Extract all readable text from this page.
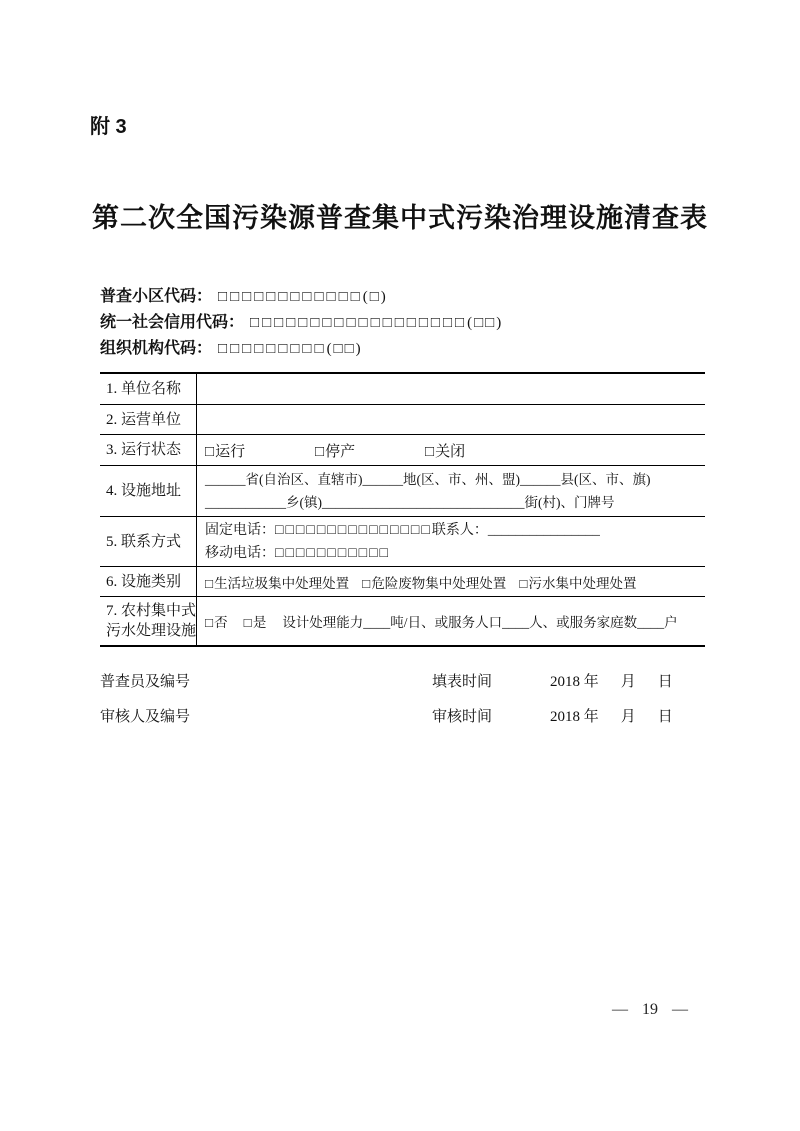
附 3
第二次全国污染源普查集中式污染治理设施清查表
普查小区代码： □□□□□□□□□□□□(□)
统一社会信用代码： □□□□□□□□□□□□□□□□□□(□□)
组织机构代码： □□□□□□□□□(□□)
1. 单位名称
2. 运营单位
3. 运行状态 □运行	□停产	□关闭
4. 设施地址
______省(自治区、直辖市)______地(区、市、州、盟)______县(区、市、旗)
____________乡(镇)______________________________街(村)、门牌号
5. 联系方式
固定电话：□□□□□□□□□□□□□□□联系人：________________
移动电话：□□□□□□□□□□□
6. 设施类别 □生活垃圾集中处理处置 □危险废物集中处理处置 □污水集中处理处置
7. 农村集中式
污水处理设施
□否 □是 设计处理能力____吨/日、或服务人口____人、或服务家庭数____户
普查员及编号	填表时间	2018 年 月 日
审核人及编号	审核时间	2018 年 月 日
— 19 —
